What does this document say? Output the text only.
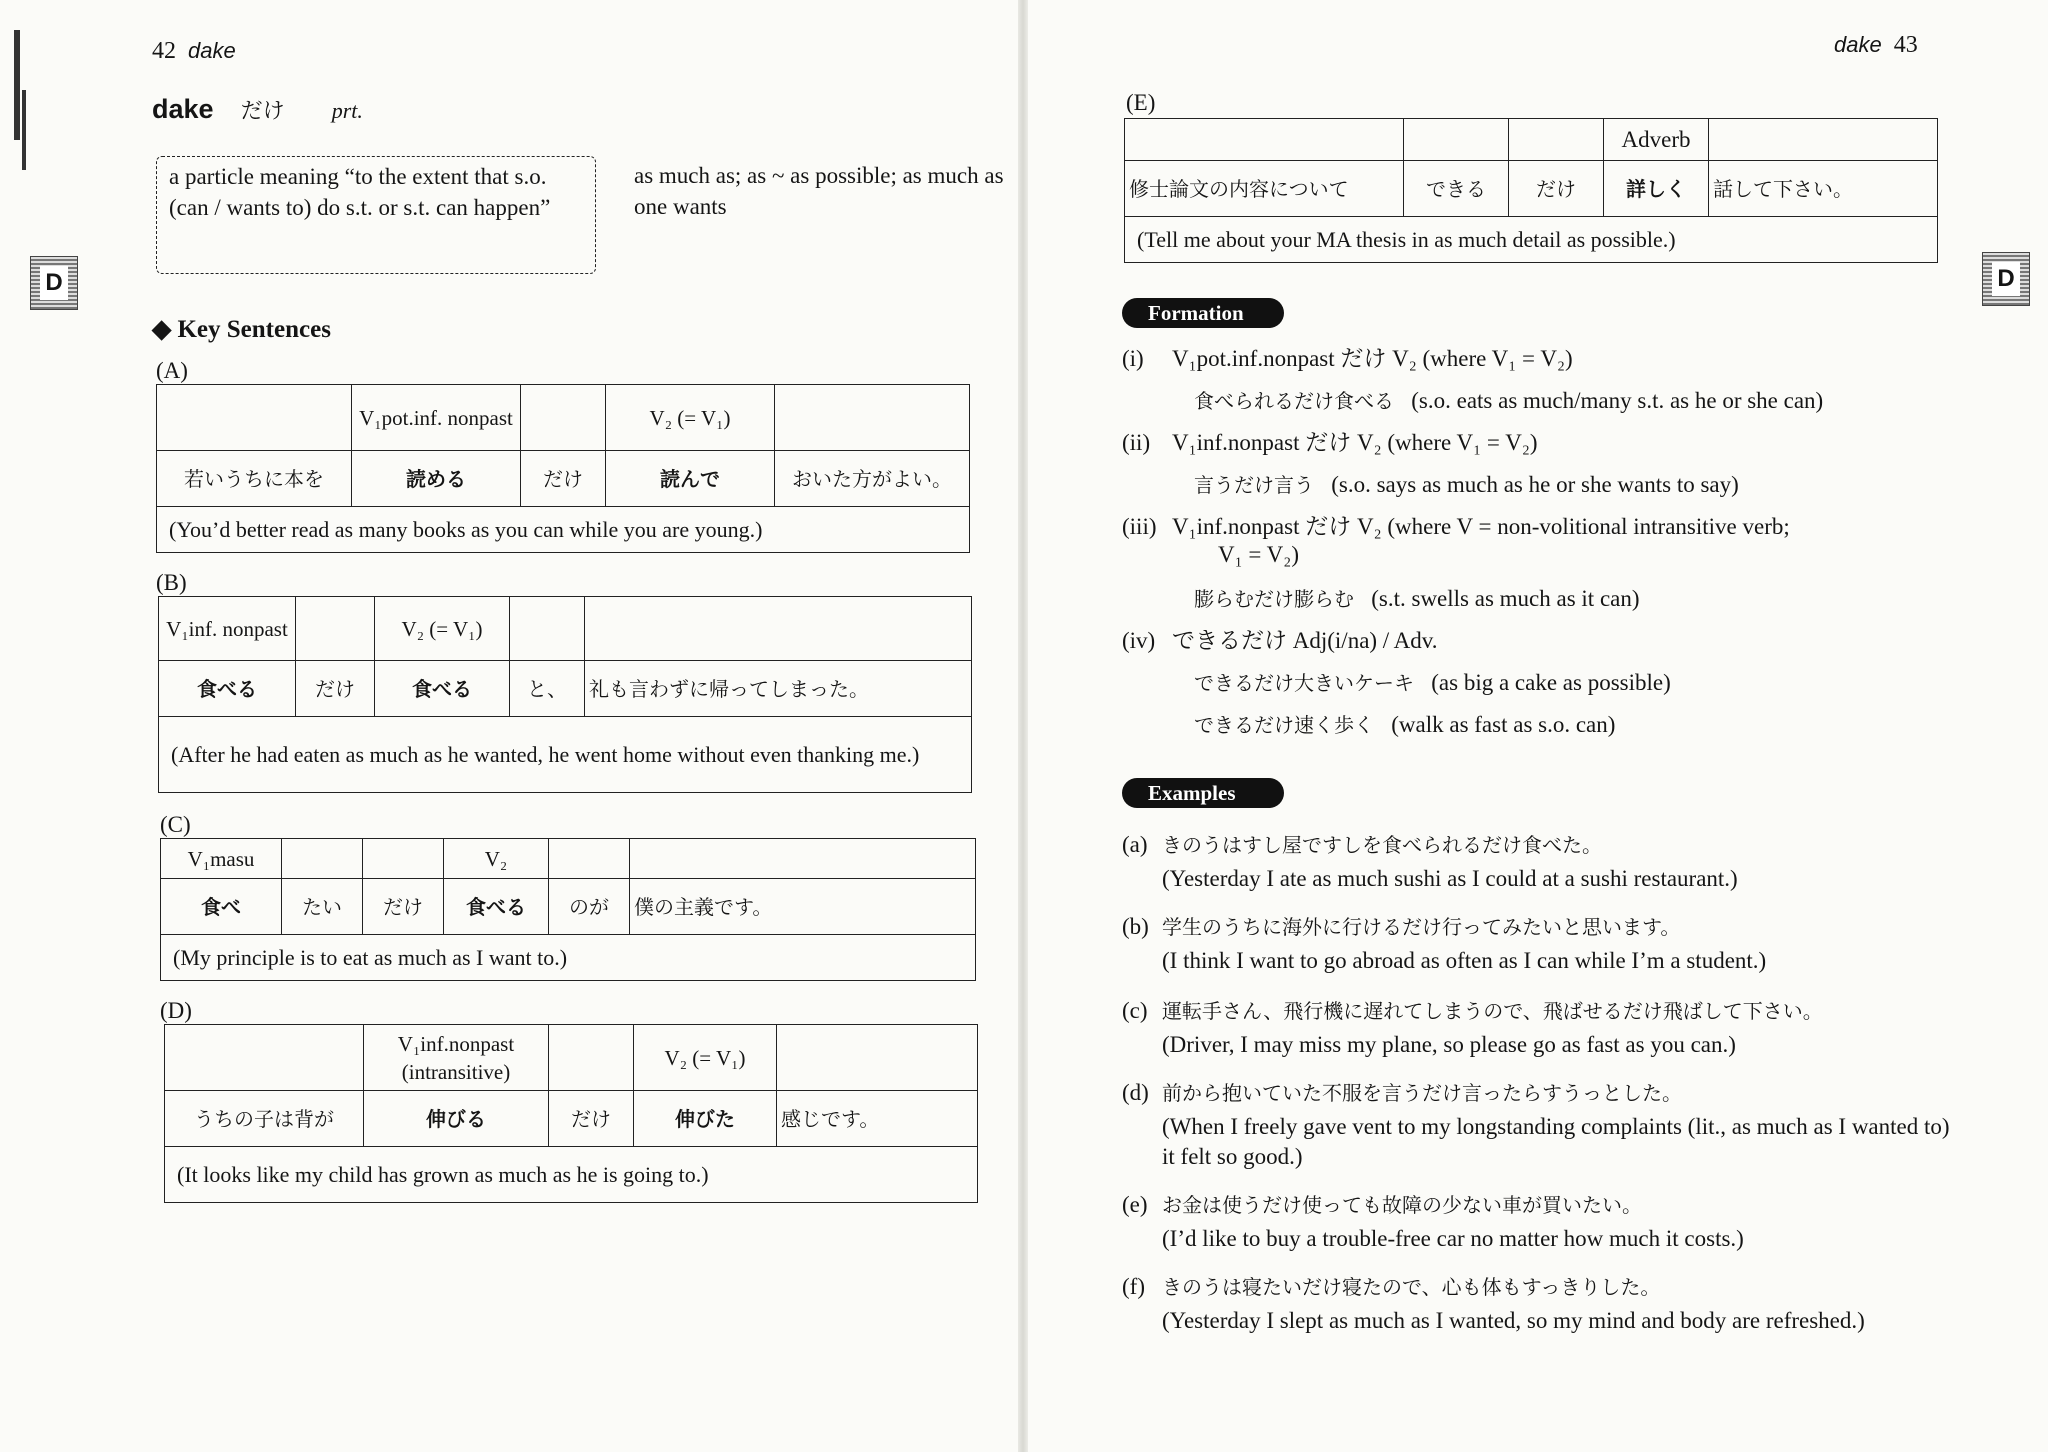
42 dake
dake だけ prt.
a particle meaning “to the extent that s.o. (can / wants to) do s.t. or s.t. can happen”
as much as; as ~ as possible; as much as one wants
D
◆ Key Sentences
(A)
	V₁pot.inf. nonpast		V₂ (= V₁)	
若いうちに本を	読める	だけ	読んで	おいた方がよい。
(You’d better read as many books as you can while you are young.)				
(B)
V₁inf. nonpast		V₂ (= V₁)		
食べる	だけ	食べる	と、	礼も言わずに帰ってしまった。
(After he had eaten as much as he wanted, he went home without even thanking me.)				
(C)
V₁masu			V₂		
食べ	たい	だけ	食べる	のが	僕の主義です。
(My principle is to eat as much as I want to.)					
(D)
	V₁inf.nonpast (intransitive)		V₂ (= V₁)	
うちの子は背が	伸びる	だけ	伸びた	感じです。
(It looks like my child has grown as much as he is going to.)				
dake 43
D
(E)
			Adverb	
修士論文の内容について	できる	だけ	詳しく	話して下さい。
(Tell me about your MA thesis in as much detail as possible.)				
Formation
(i) V₁pot.inf.nonpast だけ V₂ (where V₁ = V₂)
食べられるだけ食べる (s.o. eats as much/many s.t. as he or she can)
(ii) V₁inf.nonpast だけ V₂ (where V₁ = V₂)
言うだけ言う (s.o. says as much as he or she wants to say)
(iii) V₁inf.nonpast だけ V₂ (where V = non-volitional intransitive verb;
V₁ = V₂)
膨らむだけ膨らむ (s.t. swells as much as it can)
(iv) できるだけ Adj(i/na) / Adv.
できるだけ大きいケーキ (as big a cake as possible)
できるだけ速く歩く (walk as fast as s.o. can)
Examples
(a) きのうはすし屋ですしを食べられるだけ食べた。
(Yesterday I ate as much sushi as I could at a sushi restaurant.)
(b) 学生のうちに海外に行けるだけ行ってみたいと思います。
(I think I want to go abroad as often as I can while I’m a student.)
(c) 運転手さん、飛行機に遅れてしまうので、飛ばせるだけ飛ばして下さい。
(Driver, I may miss my plane, so please go as fast as you can.)
(d) 前から抱いていた不服を言うだけ言ったらすうっとした。
(When I freely gave vent to my longstanding complaints (lit., as much as I wanted to) it felt so good.)
(e) お金は使うだけ使っても故障の少ない車が買いたい。
(I’d like to buy a trouble-free car no matter how much it costs.)
(f) きのうは寝たいだけ寝たので、心も体もすっきりした。
(Yesterday I slept as much as I wanted, so my mind and body are refreshed.)
